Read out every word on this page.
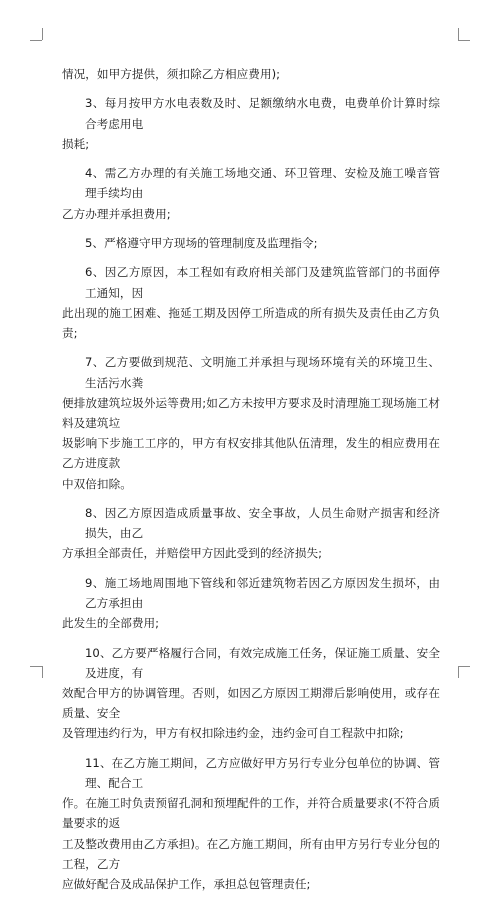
情况，如甲方提供，须扣除乙方相应费用);
3、每月按甲方水电表数及时、足额缴纳水电费，电费单价计算时综合考虑用电
损耗;
4、需乙方办理的有关施工场地交通、环卫管理、安检及施工噪音管理手续均由
乙方办理并承担费用;
5、严格遵守甲方现场的管理制度及监理指令;
6、因乙方原因，本工程如有政府相关部门及建筑监管部门的书面停工通知，因
此出现的施工困难、拖延工期及因停工所造成的所有损失及责任由乙方负责;
7、乙方要做到规范、文明施工并承担与现场环境有关的环境卫生、生活污水粪
便排放建筑垃圾外运等费用;如乙方未按甲方要求及时清理施工现场施工材料及建筑垃
圾影响下步施工工序的，甲方有权安排其他队伍清理，发生的相应费用在乙方进度款
中双倍扣除。
8、因乙方原因造成质量事故、安全事故，人员生命财产损害和经济损失，由乙
方承担全部责任，并赔偿甲方因此受到的经济损失;
9、施工场地周围地下管线和邻近建筑物若因乙方原因发生损坏，由乙方承担由
此发生的全部费用;
10、乙方要严格履行合同，有效完成施工任务，保证施工质量、安全及进度，有
效配合甲方的协调管理。否则，如因乙方原因工期滞后影响使用，或存在质量、安全
及管理违约行为，甲方有权扣除违约金，违约金可自工程款中扣除;
11、在乙方施工期间，乙方应做好甲方另行专业分包单位的协调、管理、配合工
作。在施工时负责预留孔洞和预埋配件的工作，并符合质量要求(不符合质量要求的返
工及整改费用由乙方承担)。在乙方施工期间，所有由甲方另行专业分包的工程，乙方
应做好配合及成品保护工作，承担总包管理责任;
